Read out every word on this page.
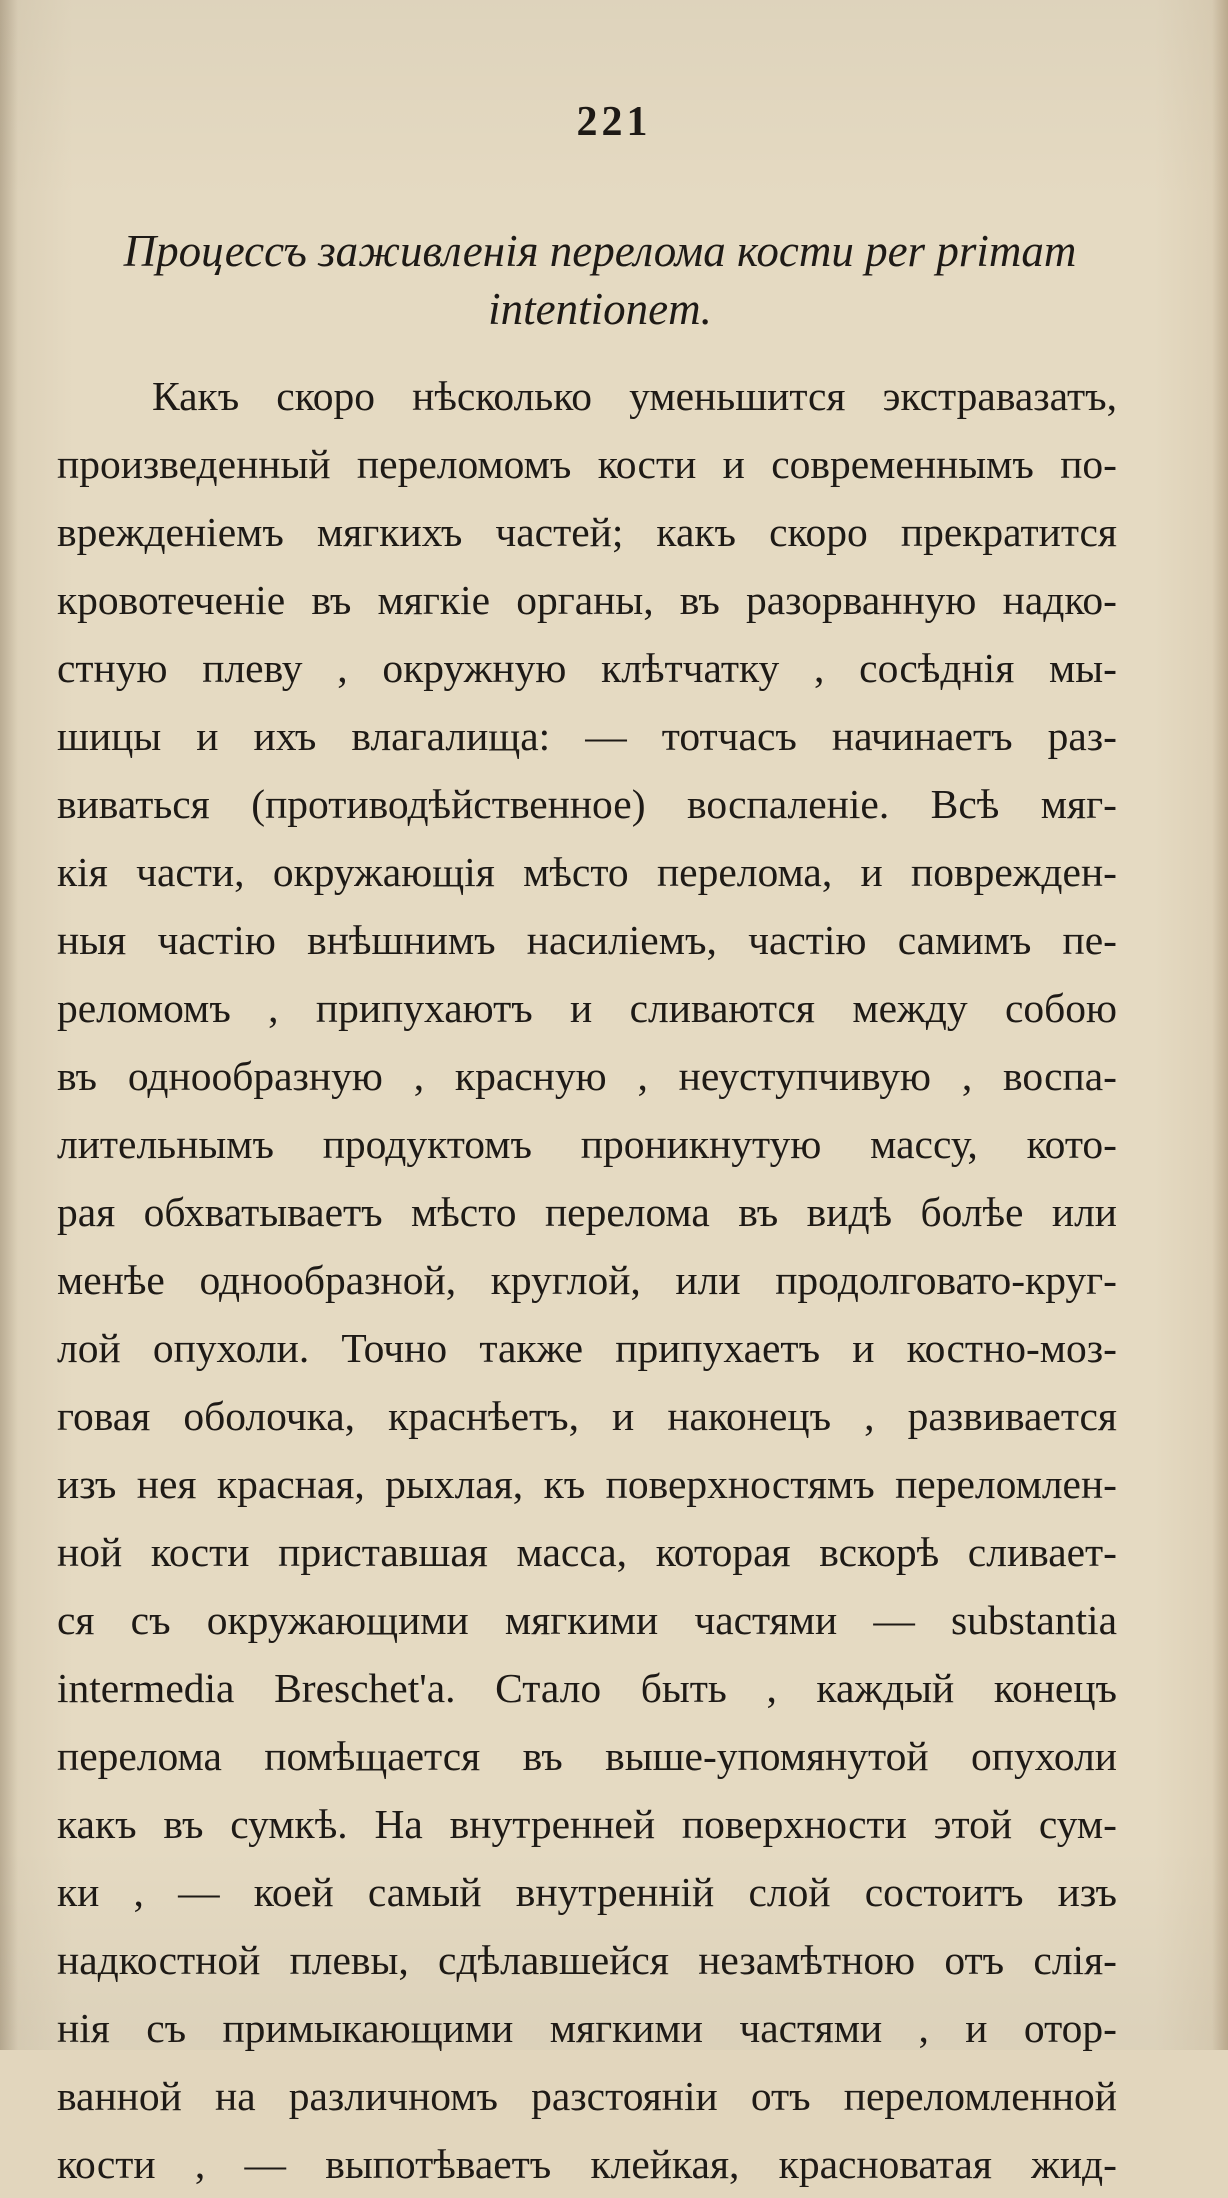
221
Процессъ заживленія перелома кости per primam
intentionem.
Какъ скоро нѣсколько уменьшится экстравазатъ,
произведенный переломомъ кости и современнымъ по-
врежденіемъ мягкихъ частей; какъ скоро прекратится
кровотеченіе въ мягкіе органы, въ разорванную надко-
стную плеву , окружную клѣтчатку , сосѣднія мы-
шицы и ихъ влагалища: — тотчасъ начинаетъ раз-
виваться (противодѣйственное) воспаленіе. Всѣ мяг-
кія части, окружающія мѣсто перелома, и поврежден-
ныя частію внѣшнимъ насиліемъ, частію самимъ пе-
реломомъ , припухаютъ и сливаются между собою
въ однообразную , красную , неуступчивую , воспа-
лительнымъ продуктомъ проникнутую массу, кото-
рая обхватываетъ мѣсто перелома въ видѣ болѣе или
менѣе однообразной, круглой, или продолговато-круг-
лой опухоли. Точно также припухаетъ и костно-моз-
говая оболочка, краснѣетъ, и наконецъ , развивается
изъ нея красная, рыхлая, къ поверхностямъ переломлен-
ной кости приставшая масса, которая вскорѣ сливает-
ся съ окружающими мягкими частями — substantia
intermedia Breschet'a. Стало быть , каждый конецъ
перелома помѣщается въ выше-упомянутой опухоли
какъ въ сумкѣ. На внутренней поверхности этой сум-
ки , — коей самый внутренній слой состоитъ изъ
надкостной плевы, сдѣлавшейся незамѣтною отъ слія-
нія съ примыкающими мягкими частями , и отор-
ванной на различномъ разстояніи отъ переломленной
кости , — выпотѣваетъ клейкая, красноватая жид-
